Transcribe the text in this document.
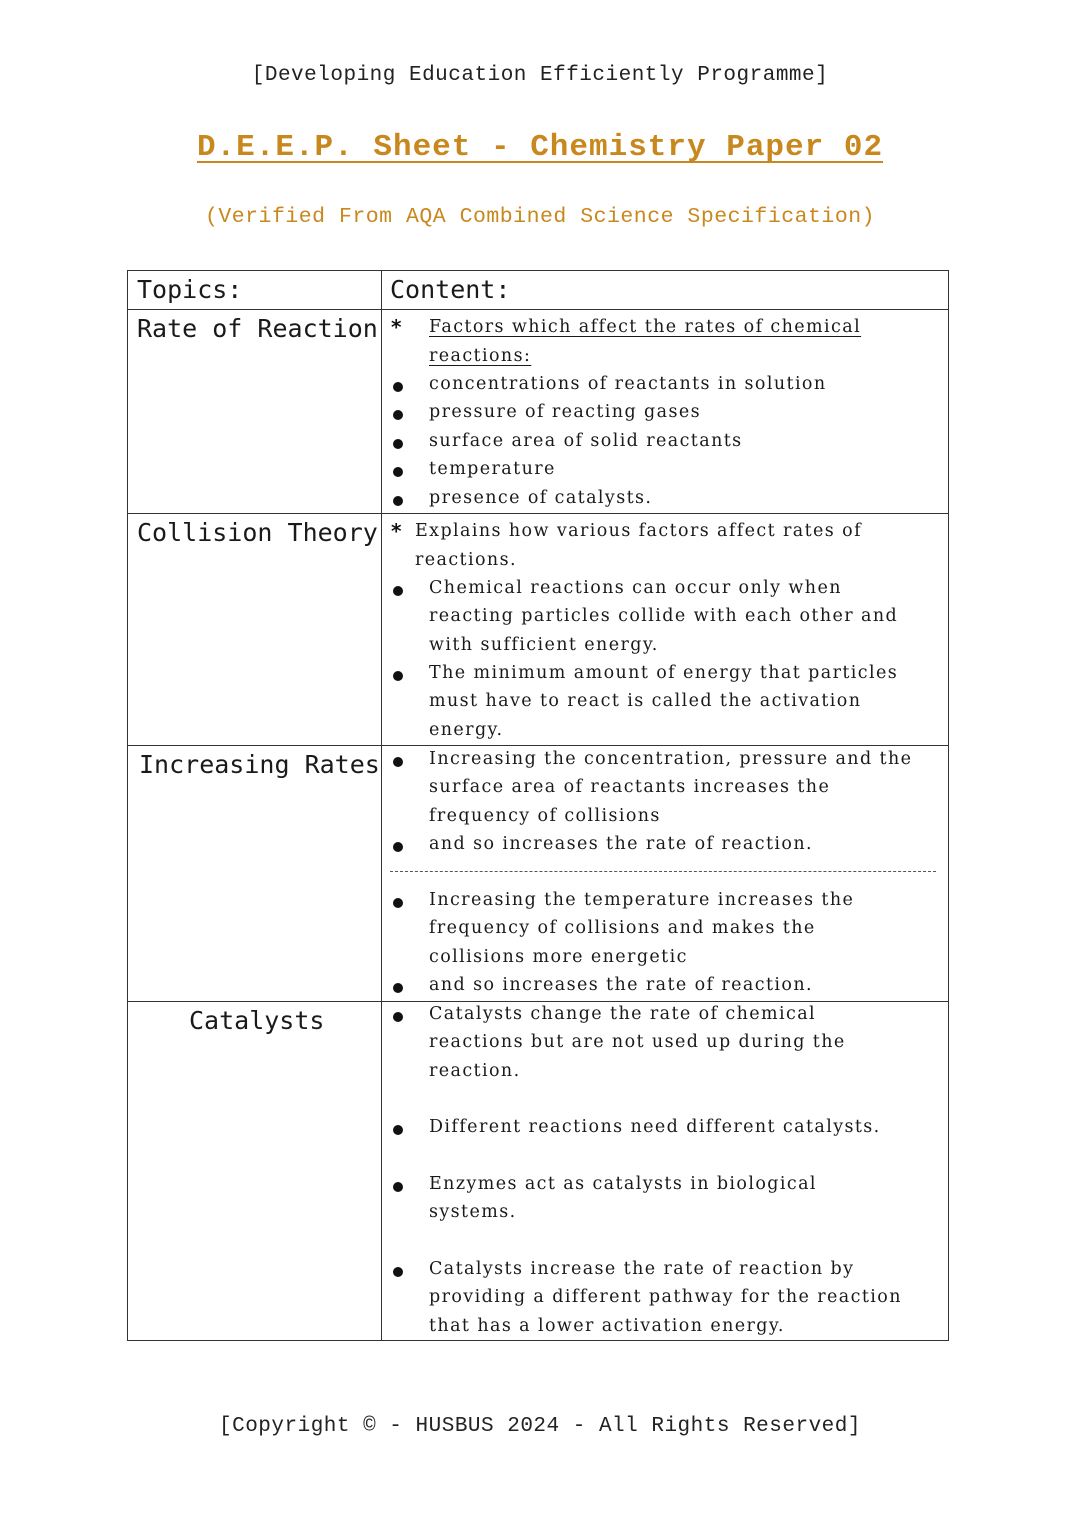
[Developing Education Efficiently Programme]
D.E.E.P. Sheet - Chemistry Paper 02
(Verified From AQA Combined Science Specification)
Topics:	Content:
Rate of Reaction
Collision Theory
Increasing Rates
Catalysts
* Factors which affect the rates of chemical
reactions:
concentrations of reactants in solution
pressure of reacting gases
surface area of solid reactants
temperature
presence of catalysts.
* Explains how various factors affect rates of
reactions.
Chemical reactions can occur only when
reacting particles collide with each other and
with sufficient energy.
The minimum amount of energy that particles
must have to react is called the activation
energy.
Increasing the concentration, pressure and the
surface area of reactants increases the
frequency of collisions
and so increases the rate of reaction.
Increasing the temperature increases the
frequency of collisions and makes the
collisions more energetic
and so increases the rate of reaction.
Catalysts change the rate of chemical
reactions but are not used up during the
reaction.
Different reactions need different catalysts.
Enzymes act as catalysts in biological
systems.
Catalysts increase the rate of reaction by
providing a different pathway for the reaction
that has a lower activation energy.
[Copyright © - HUSBUS 2024 - All Rights Reserved]
